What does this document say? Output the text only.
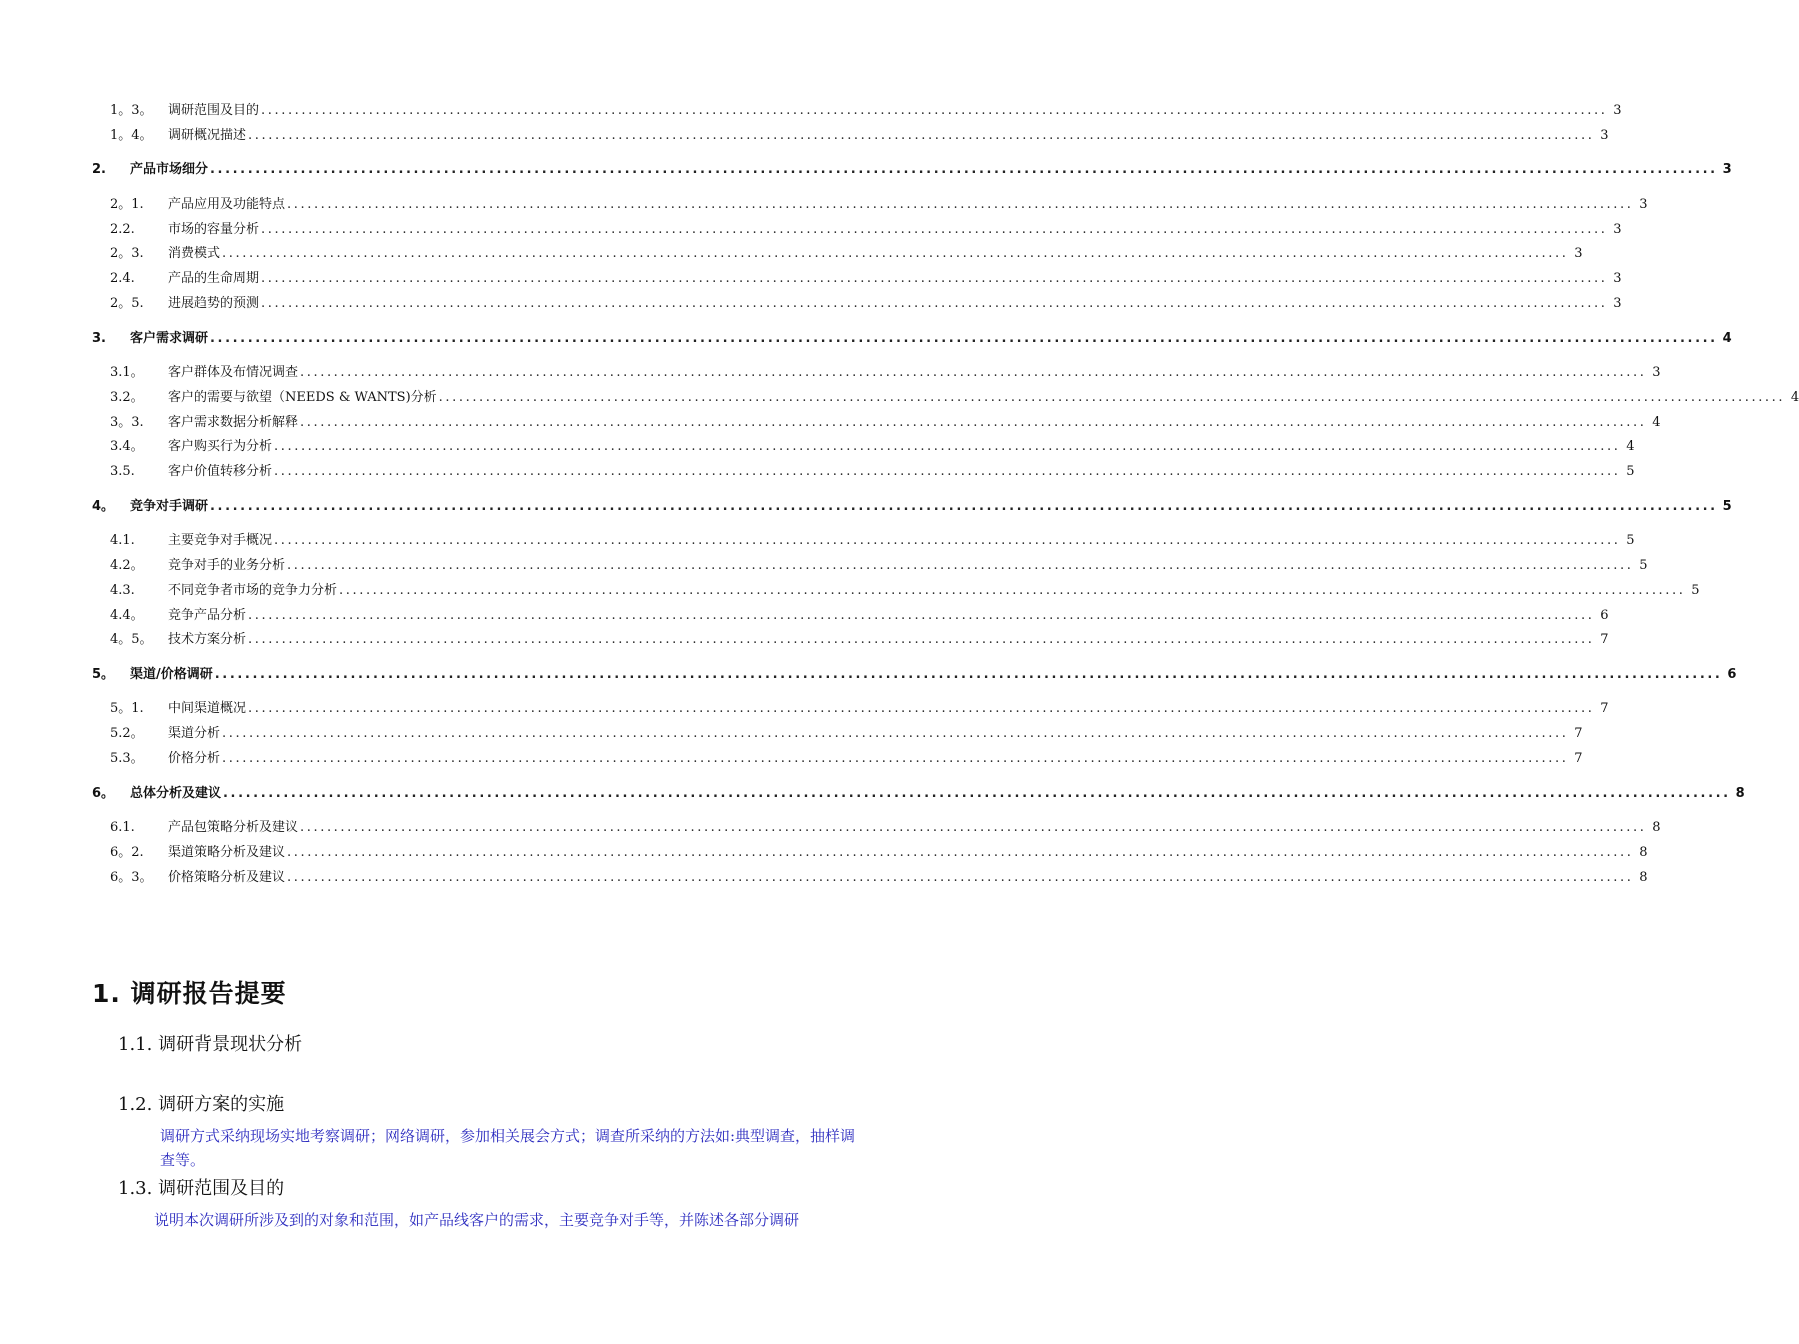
1。3。 调研范围及目的 ........................................................................................................................................................................................................ 3
1。4。 调研概况描述 ........................................................................................................................................................................................................ 3
2. 产品市场细分 ........................................................................................................................................................................................................ 3
2。1. 产品应用及功能特点 ........................................................................................................................................................................................................ 3
2.2.	市场的容量分析 ........................................................................................................................................................................................................ 3
2。3. 消费模式 ........................................................................................................................................................................................................ 3
2.4.	产品的生命周期 ........................................................................................................................................................................................................ 3
2。5. 进展趋势的预测 ........................................................................................................................................................................................................ 3
3. 客户需求调研 ........................................................................................................................................................................................................ 4
3.1。 客户群体及布情况调查 ........................................................................................................................................................................................................ 3
3.2。 客户的需要与欲望（NEEDS & WANTS)分析 ........................................................................................................................................................................................................ 4
3。3. 客户需求数据分析解释 ........................................................................................................................................................................................................ 4
3.4。 客户购买行为分析 ........................................................................................................................................................................................................ 4
3.5.	客户价值转移分析 ........................................................................................................................................................................................................ 5
4。 竞争对手调研 ........................................................................................................................................................................................................ 5
4.1.	主要竞争对手概况 ........................................................................................................................................................................................................ 5
4.2。 竞争对手的业务分析 ........................................................................................................................................................................................................ 5
4.3.	不同竞争者市场的竞争力分析 ........................................................................................................................................................................................................ 5
4.4。 竞争产品分析 ........................................................................................................................................................................................................ 6
4。5。 技术方案分析 ........................................................................................................................................................................................................ 7
5。 渠道/价格调研 ........................................................................................................................................................................................................ 6
5。1. 中间渠道概况 ........................................................................................................................................................................................................ 7
5.2。 渠道分析 ........................................................................................................................................................................................................ 7
5.3。 价格分析 ........................................................................................................................................................................................................ 7
6。 总体分析及建议 ........................................................................................................................................................................................................ 8
6.1.	产品包策略分析及建议 ........................................................................................................................................................................................................ 8
6。2. 渠道策略分析及建议 ........................................................................................................................................................................................................ 8
6。3。 价格策略分析及建议 ........................................................................................................................................................................................................ 8
1. 调研报告提要
1.1. 调研背景现状分析
1.2. 调研方案的实施
调研方式采纳现场实地考察调研；网络调研，参加相关展会方式；调查所采纳的方法如:典型调查，抽样调查等。
1.3. 调研范围及目的
说明本次调研所涉及到的对象和范围，如产品线客户的需求，主要竞争对手等，并陈述各部分调研
